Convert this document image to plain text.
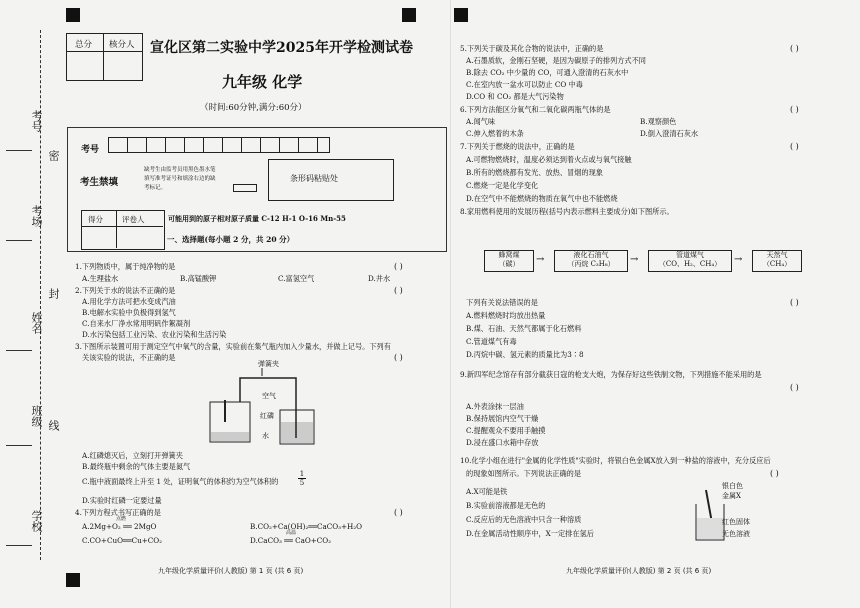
考号
考场
密
姓名
封
班级 线
学校
总分 核分人 宣化区第二实验中学2025年开学检测试卷
九年级 化学
（时间:60分钟,满分:60分）
考号
考生禁填
缺考生由监考员用黑色墨水笔
填写准考证号和填涂右边的缺
考标记。
条形码粘贴处
得分	评卷人	可能用到的原子相对原子质量 C-12 H-1 O-16 Mn-55
一、选择题(每小题 2 分，共 20 分）
1.下列物质中，属于纯净物的是	( )
A.生理盐水	B.高锰酸钾	C.富氢空气	D.井水
2.下列关于水的说法不正确的是	( )
A.用化学方法可把水变成汽油
B.电解水实验中负极得到氢气
C.自来水厂净水常用明矾作絮凝剂
D.水污染包括工业污染、农业污染和生活污染
3.下图所示装置可用于测定空气中氧气的含量，实验前在集气瓶内加入少量水，并做上记号。下列有
关该实验的说法，不正确的是	( )
弹簧夹
空气
红磷
水
A.红磷熄灭后，立刻打开弹簧夹
B.最终瓶中剩余的气体主要是氮气
C.瓶中液面最终上升至 1 处，证明氧气的体积约为空气体积的	$\frac{1}{5}$
D.实验时红磷一定要过量
4.下列方程式书写正确的是	( )
A.2Mg+O₂ ══ 2MgO
点燃
B.CO₂+Ca(OH)₂══CaCO₃+H₂O
C.CO+CuO══Cu+CO₂	D.CaCO₃ ══ CaO+CO₂
高温
九年级化学质量评价(人教版) 第 1 页 (共 6 页)
5.下列关于碳及其化合物的说法中，正确的是	( )
A.石墨质软，金刚石坚硬，是因为碳原子的排列方式不同
B.除去 CO₂ 中少量的 CO，可通入澄清的石灰水中
C.在室内放一盆水可以防止 CO 中毒
D.CO 和 CO₂ 都是大气污染物
6.下列方法能区分氧气和二氧化碳两瓶气体的是	( )
A.闻气味	B.观察颜色
C.伸入燃着的木条	D.倒入澄清石灰水
7.下列关于燃烧的说法中，正确的是	( )
A.可燃物燃烧时，温度必须达到着火点或与氧气接触
B.所有的燃烧都有发光、放热、冒烟的现象
C.燃烧一定是化学变化
D.在空气中不能燃烧的物质在氧气中也不能燃烧
8.家用燃料使用的发展历程(括号内表示燃料主要成分)如下图所示。
蜂窝煤
（碳）	→	液化石油气
（丙烷 C₃H₈）	→	管道煤气
（CO、H₂、CH₄）	→	天然气
（CH₄）
下列有关说法错误的是	( )
A.燃料燃烧时均放出热量
B.煤、石油、天然气都属于化石燃料
C.管道煤气有毒
D.丙烷中碳、氢元素的质量比为3∶8
9.新四军纪念馆存有部分截获日寇的枪支大炮，为保存好这些铁制文物，下列措施不能采用的是
( )
A.外表涂抹一层油
B.保持展馆内空气干燥
C.提醒观众不要用手触摸
D.浸在盛口水箱中存放
10.化学小组在进行"金属的化学性质"实验时，将银白色金属X放入到一种盐的溶液中，充分反应后
的现象如图所示。下列说法正确的是	( )
A.X可能是铁
B.实验前溶液都是无色的
C.反应后的无色溶液中只含一种溶质
D.在金属活动性顺序中，X一定排在氢后
银白色
金属X
红色固体
无色溶液
九年级化学质量评价(人教版) 第 2 页 (共 6 页)
